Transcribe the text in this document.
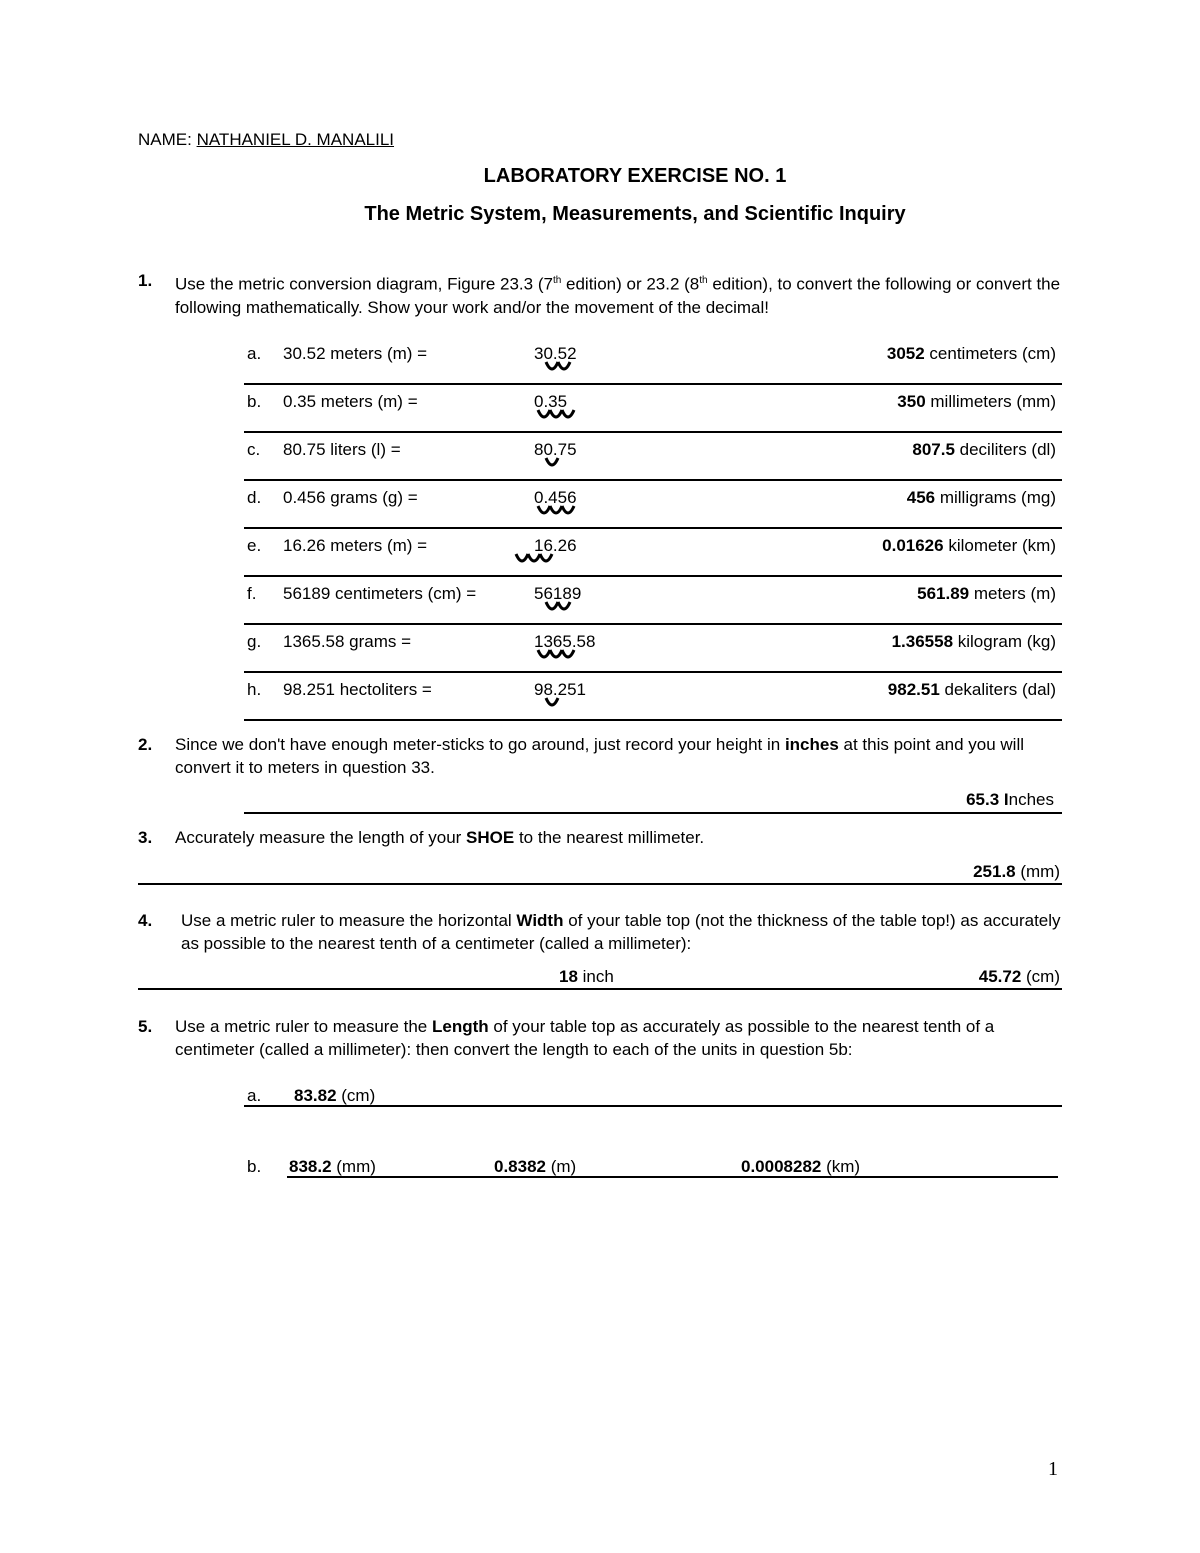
NAME: NATHANIEL D. MANALILI
LABORATORY EXERCISE NO. 1
The Metric System, Measurements, and Scientific Inquiry
1. Use the metric conversion diagram, Figure 23.3 (7th edition) or 23.2 (8th edition), to convert the following or convert the following mathematically. Show your work and/or the movement of the decimal!
a. 30.52 meters (m) =	30.52	3052 centimeters (cm)
b. 0.35 meters (m) =	0.35	350 millimeters (mm)
c. 80.75 liters (l) =	80.75	807.5 deciliters (dl)
d. 0.456 grams (g) =	0.456	456 milligrams (mg)
e. 16.26 meters (m) =	16.26	0.01626 kilometer (km)
f. 56189 centimeters (cm) =	56189	561.89 meters (m)
g. 1365.58 grams =	1365.58	1.36558 kilogram (kg)
h. 98.251 hectoliters =	98.251	982.51 dekaliters (dal)
2. Since we don't have enough meter-sticks to go around, just record your height in inches at this point and you will convert it to meters in question 33.
65.3 Inches
3. Accurately measure the length of your SHOE to the nearest millimeter.
251.8 (mm)
4. Use a metric ruler to measure the horizontal Width of your table top (not the thickness of the table top!) as accurately as possible to the nearest tenth of a centimeter (called a millimeter):
18 inch	45.72 (cm)
5. Use a metric ruler to measure the Length of your table top as accurately as possible to the nearest tenth of a centimeter (called a millimeter): then convert the length to each of the units in question 5b:
a. 83.82 (cm)
b. 838.2 (mm)	0.8382 (m)	0.0008282 (km)
1
